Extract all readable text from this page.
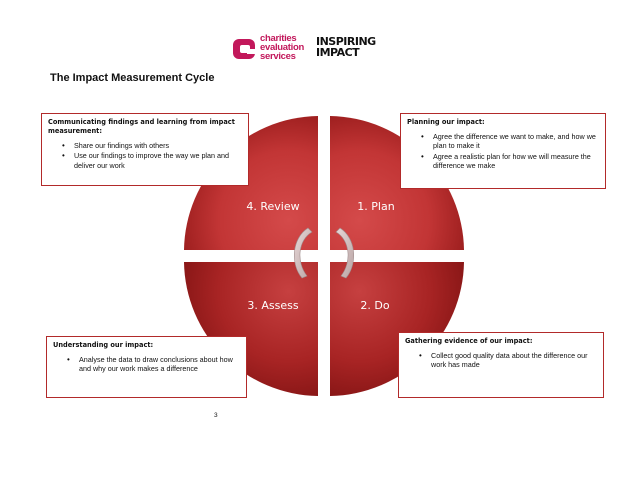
charities
evaluation
services
INSPIRING
IMPACT
The Impact Measurement Cycle
4. Review	1. Plan
3. Assess	2. Do
Communicating findings and learning from impact measurement:
• Share our findings with others
• Use our findings to improve the way we plan and deliver our work
Planning our impact:
• Agree the difference we want to make, and how we plan to make it
• Agree a realistic plan for how we will measure the difference we make
Understanding our impact:
• Analyse the data to draw conclusions about how and why our work makes a difference
Gathering evidence of our impact:
• Collect good quality data about the difference our work has made
3
